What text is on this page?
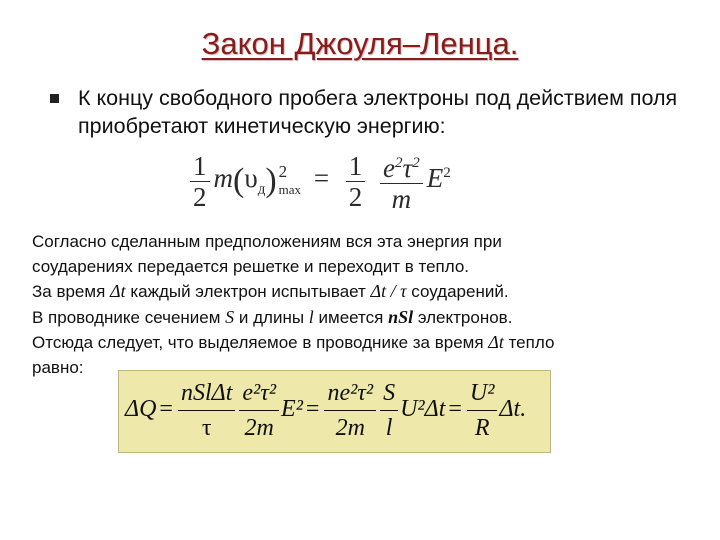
Закон Джоуля–Ленца.
К концу свободного пробега электроны под действием поля приобретают кинетическую энергию:
$\frac{1}{2} m(\upsilon_д)$ 2
$\max = \frac{1}{2}$
$\frac{e^2\tau^2}{m} E^2$
Согласно сделанным предположениям вся эта энергия при
соударениях передается решетке и переходит в тепло.
За время Δt каждый электрон испытывает Δt / τ соударений.
В проводнике сечением S и длины l имеется nSl электронов.
Отсюда следует, что выделяемое в проводнике за время Δt тепло
равно:
$\Delta Q = \frac{\text{nSlΔt}}{\tau} \frac{\text{e²τ²}}{2m} E^2 = \frac{\text{ne²τ²}}{2m} \frac{S}{l} U^2\Delta t = \frac{\text{U²}}{R} \Delta t$.
